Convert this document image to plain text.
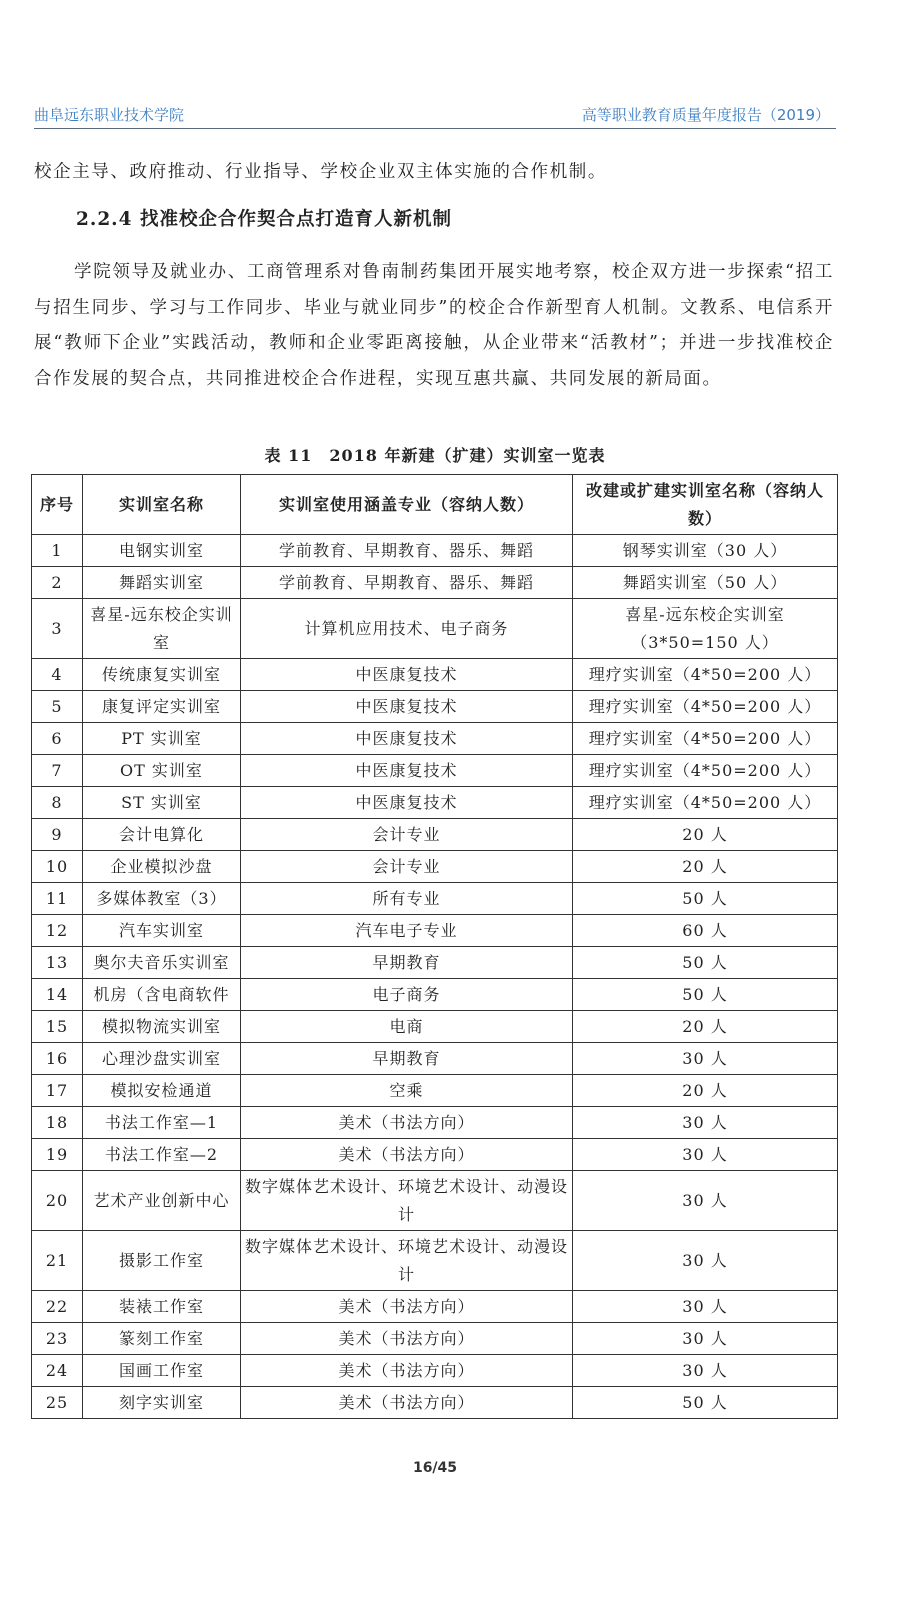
曲阜远东职业技术学院	高等职业教育质量年度报告（2019）

校企主导、政府推动、行业指导、学校企业双主体实施的合作机制。

2.2.4 找准校企合作契合点打造育人新机制

学院领导及就业办、工商管理系对鲁南制药集团开展实地考察，校企双方进一步探索“招工与招生同步、学习与工作同步、毕业与就业同步”的校企合作新型育人机制。文教系、电信系开展“教师下企业”实践活动，教师和企业零距离接触，从企业带来“活教材”；并进一步找准校企合作发展的契合点，共同推进校企合作进程，实现互惠共赢、共同发展的新局面。

表 11　2018 年新建（扩建）实训室一览表
序号	实训室名称	实训室使用涵盖专业（容纳人数）	改建或扩建实训室名称（容纳人数）
1	电钢实训室	学前教育、早期教育、器乐、舞蹈	钢琴实训室（30 人）
2	舞蹈实训室	学前教育、早期教育、器乐、舞蹈	舞蹈实训室（50 人）
3	喜星-远东校企实训室	计算机应用技术、电子商务	喜星-远东校企实训室（3*50=150 人）
4	传统康复实训室	中医康复技术	理疗实训室（4*50=200 人）
5	康复评定实训室	中医康复技术	理疗实训室（4*50=200 人）
6	PT 实训室	中医康复技术	理疗实训室（4*50=200 人）
7	OT 实训室	中医康复技术	理疗实训室（4*50=200 人）
8	ST 实训室	中医康复技术	理疗实训室（4*50=200 人）
9	会计电算化	会计专业	20 人
10	企业模拟沙盘	会计专业	20 人
11	多媒体教室（3）	所有专业	50 人
12	汽车实训室	汽车电子专业	60 人
13	奥尔夫音乐实训室	早期教育	50 人
14	机房（含电商软件	电子商务	50 人
15	模拟物流实训室	电商	20 人
16	心理沙盘实训室	早期教育	30 人
17	模拟安检通道	空乘	20 人
18	书法工作室—1	美术（书法方向）	30 人
19	书法工作室—2	美术（书法方向）	30 人
20	艺术产业创新中心	数字媒体艺术设计、环境艺术设计、动漫设计	30 人
21	摄影工作室	数字媒体艺术设计、环境艺术设计、动漫设计	30 人
22	装裱工作室	美术（书法方向）	30 人
23	篆刻工作室	美术（书法方向）	30 人
24	国画工作室	美术（书法方向）	30 人
25	刻字实训室	美术（书法方向）	50 人
16/45
